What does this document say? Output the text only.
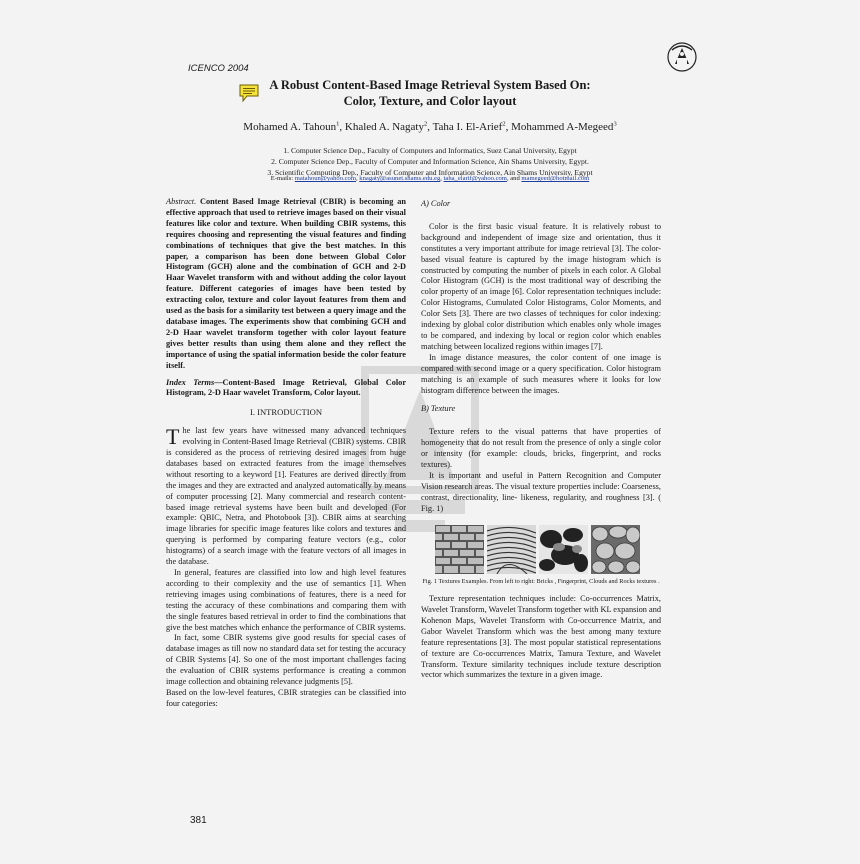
ICENCO 2004
A Robust Content-Based Image Retrieval System Based On:
Color, Texture, and Color layout
Mohamed A. Tahoun$^1$, Khaled A. Nagaty$^2$, Taha I. El-Arief$^2$, Mohammed A-Megeed$^3$
1. Computer Science Dep., Faculty of Computers and Informatics, Suez Canal University, Egypt
2. Computer Science Dep., Faculty of Computer and Information Science, Ain Shams University, Egypt.
3. Scientific Computing Dep., Faculty of Computer and Information Science, Ain Shams University, Egypt
E-mails: matahoun@yahoo.com, knagaty@asunet.shams.edu.eg, taha_elarif@yahoo.com, and mamegeed@hotmail.com

Abstract. Content Based Image Retrieval (CBIR) is becoming an effective approach that used to retrieve images based on their visual features like color and texture. When building CBIR systems, this requires choosing and representing the visual features and finding combinations of techniques that give the best matches. In this paper, a comparison has been done between Global Color Histogram (GCH) alone and the combination of GCH and 2-D Haar Wavelet transform with and without adding the color layout feature. Different categories of images have been tested by extracting color, texture and color layout features from them and used as the basis for a similarity test between a query image and the database images. The experiments show that combining GCH and 2-D Haar wavelet transform together with color layout feature gives better results than using them alone and they reflect the importance of using the spatial information beside the color feature itself.

Index Terms—Content-Based Image Retrieval, Global Color Histogram, 2-D Haar wavelet Transform, Color layout.

I. INTRODUCTION

The last few years have witnessed many advanced techniques evolving in Content-Based Image Retrieval (CBIR) systems. CBIR is considered as the process of retrieving desired images from huge databases based on extracted features from the image themselves without resorting to a keyword [1]. Features are derived directly from the images and they are extracted and analyzed automatically by means of computer processing [2]. Many commercial and research content-based image retrieval systems have been built and developed (For example: QBIC, Netra, and Photobook [3]). CBIR aims at searching image libraries for specific image features like colors and textures and querying is performed by comparing feature vectors (e.g., color histograms) of a search image with the feature vectors of all images in the database.

In general, features are classified into low and high level features according to their complexity and the use of semantics [1]. When retrieving images using combinations of features, there is a need for testing the accuracy of these combinations and comparing them with the single features based retrieval in order to find the combinations that give the best matches which enhance the performance of CBIR systems.

In fact, some CBIR systems give good results for special cases of database images as till now no standard data set for testing the accuracy of CBIR Systems [4]. So one of the most important challenges facing the evaluation of CBIR systems performance is creating a common image collection and obtaining relevance judgments [5].

Based on the low-level features, CBIR strategies can be classified into four categories:

A) Color

Color is the first basic visual feature. It is relatively robust to background and independent of image size and orientation, thus it constitutes a very important attribute for image retrieval [3]. The color-based visual feature is captured by the image histogram which is constructed by computing the number of pixels in each color. A Global Color Histogram (GCH) is the most traditional way of describing the color property of an image [6]. Color representation techniques include: Color Histograms, Cumulated Color Histograms, Color Moments, and Color Sets [3]. There are two classes of techniques for color indexing: indexing by global color distribution which enables only whole images to be compared, and indexing by local or region color which enables matching between localized regions within images [7].

In image distance measures, the color content of one image is compared with second image or a query specification. Color histogram matching is an example of such measures where it looks for low histogram difference between the images.

B) Texture

Texture refers to the visual patterns that have properties of homogeneity that do not result from the presence of only a single color or intensity (for example: clouds, bricks, fingerprint, and rocks textures).

It is important and useful in Pattern Recognition and Computer Vision research areas. The visual texture properties include: Coarseness, contrast, directionality, line- likeness, regularity, and roughness [3]. ( Fig. 1)

Fig. 1 Textures Examples. From left to right: Bricks , Fingerprint, Clouds and Rocks textures .

Texture representation techniques include: Co-occurrences Matrix, Wavelet Transform, Wavelet Transform together with KL expansion and Kohenon Maps, Wavelet Transform with Co-occurrence Matrix, and Gabor Wavelet Transform which was the best among many texture feature representations [3]. The most popular statistical representations of texture are Co-occurrences Matrix, Tamura Texture, and Wavelet Transform. Texture similarity techniques include texture description vector which summarizes the texture in a given image.

381
